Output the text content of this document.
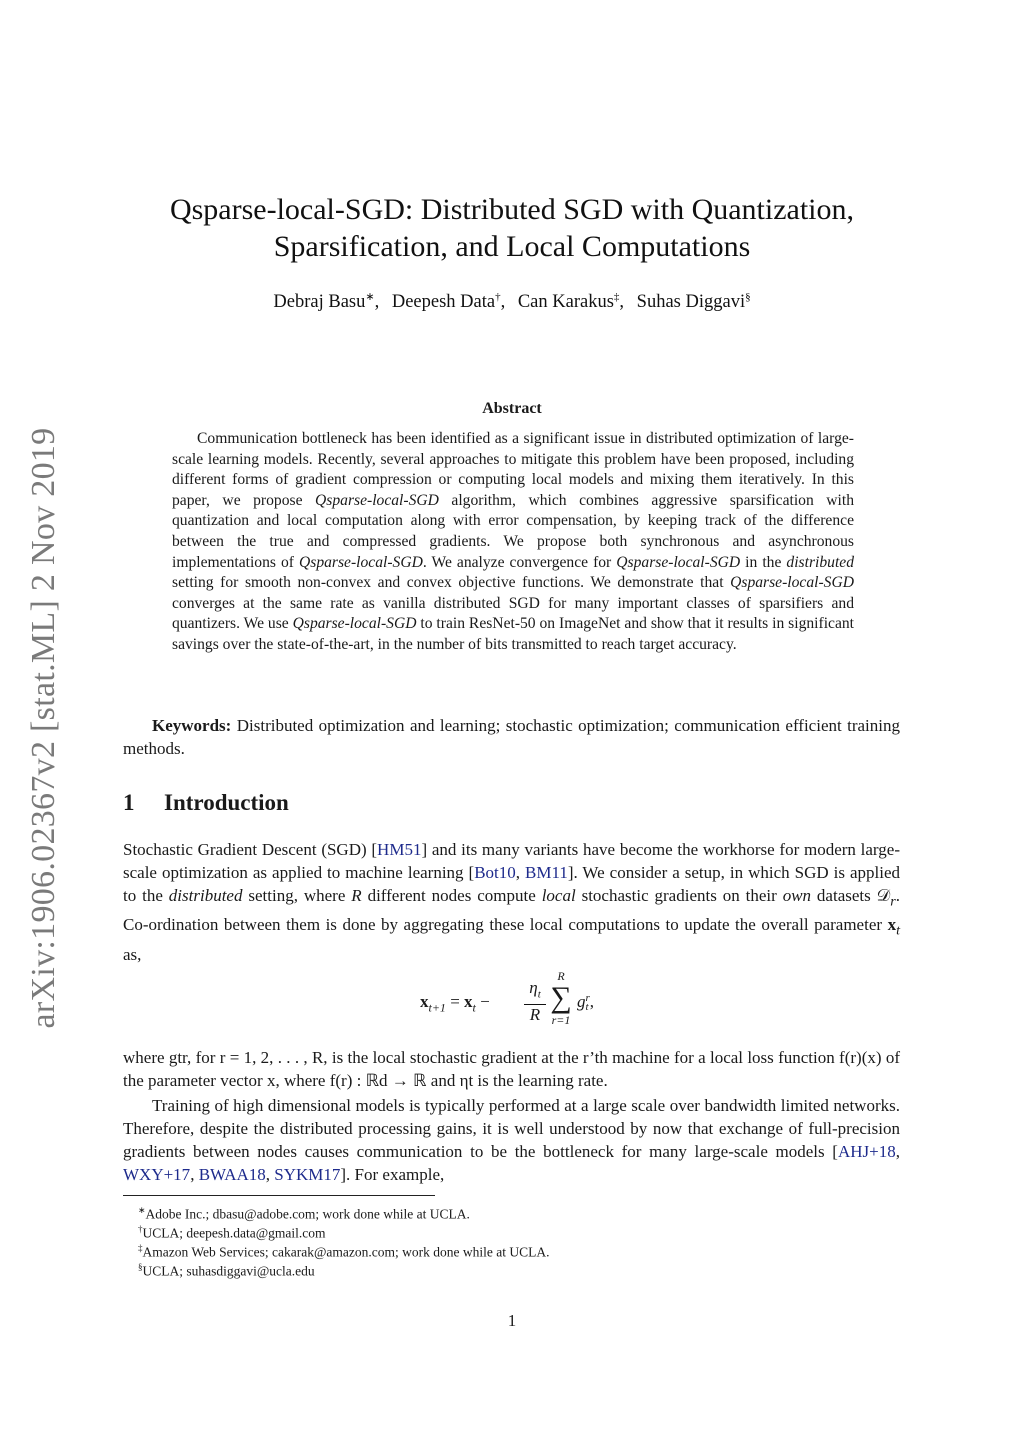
arXiv:1906.02367v2 [stat.ML] 2 Nov 2019
Qsparse-local-SGD: Distributed SGD with Quantization,
Sparsification, and Local Computations
Debraj Basu∗, Deepesh Data†, Can Karakus‡, Suhas Diggavi§
Abstract

Communication bottleneck has been identified as a significant issue in distributed optimization of large-scale learning models. Recently, several approaches to mitigate this problem have been proposed, including different forms of gradient compression or computing local models and mixing them iteratively. In this paper, we propose Qsparse-local-SGD algorithm, which combines aggressive sparsification with quantization and local computation along with error compensation, by keeping track of the difference between the true and compressed gradients. We propose both synchronous and asynchronous implementations of Qsparse-local-SGD. We analyze convergence for Qsparse-local-SGD in the distributed setting for smooth non-convex and convex objective functions. We demonstrate that Qsparse-local-SGD converges at the same rate as vanilla distributed SGD for many important classes of sparsifiers and quantizers. We use Qsparse-local-SGD to train ResNet-50 on ImageNet and show that it results in significant savings over the state-of-the-art, in the number of bits transmitted to reach target accuracy.

Keywords: Distributed optimization and learning; stochastic optimization; communication efficient training methods.

1 Introduction

Stochastic Gradient Descent (SGD) [HM51] and its many variants have become the workhorse for modern large-scale optimization as applied to machine learning [Bot10, BM11]. We consider a setup, in which SGD is applied to the distributed setting, where R different nodes compute local stochastic gradients on their own datasets 𝒟$_r$. Co-ordination between them is done by aggregating these local computations to update the overall parameter $x_t$ as,

$x_{t+1} = x_t$ −
$\eta_t$
R
R
∑
r=1
g r
t ,

where gtr, for r = 1, 2, . . . , R, is the local stochastic gradient at the r’th machine for a local loss function f(r)(x) of the parameter vector x, where f(r) : ℝd → ℝ and ηt is the learning rate.

Training of high dimensional models is typically performed at a large scale over bandwidth limited networks. Therefore, despite the distributed processing gains, it is well understood by now that exchange of full-precision gradients between nodes causes communication to be the bottleneck for many large-scale models [AHJ+18, WXY+17, BWAA18, SYKM17]. For example,

∗Adobe Inc.; dbasu@adobe.com; work done while at UCLA.
†UCLA; deepesh.data@gmail.com
‡Amazon Web Services; cakarak@amazon.com; work done while at UCLA.
§UCLA; suhasdiggavi@ucla.edu
1
